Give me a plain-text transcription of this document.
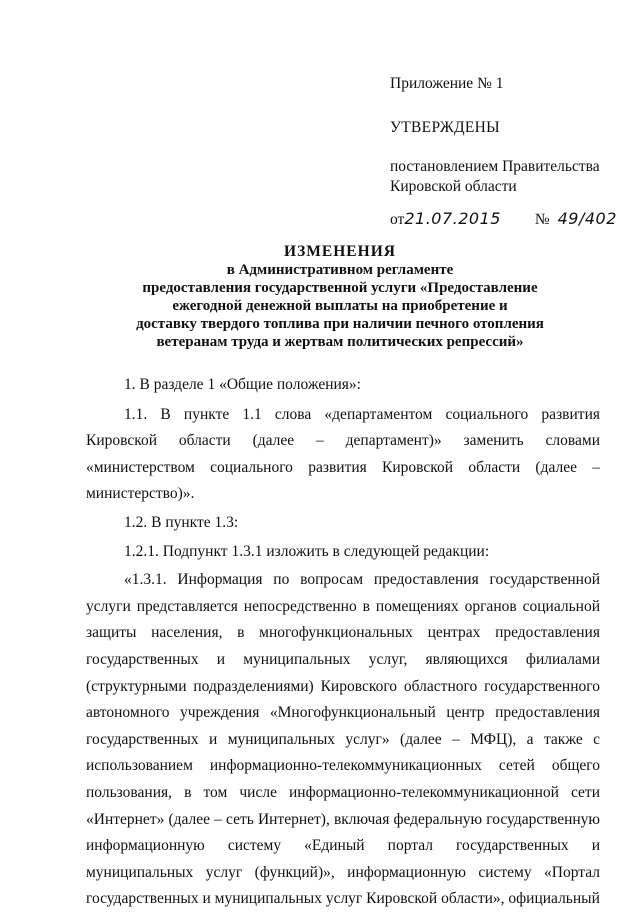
Приложение № 1
УТВЕРЖДЕНЫ
постановлением Правительства
Кировской области
от21.07.2015 № 49/402
ИЗМЕНЕНИЯ
в Административном регламенте
предоставления государственной услуги «Предоставление
ежегодной денежной выплаты на приобретение и
доставку твердого топлива при наличии печного отопления
ветеранам труда и жертвам политических репрессий»

1. В разделе 1 «Общие положения»:

1.1. В пункте 1.1 слова «департаментом социального развития Кировской области (далее – департамент)» заменить словами «министерством социального развития Кировской области (далее – министерство)».

1.2. В пункте 1.3:

1.2.1. Подпункт 1.3.1 изложить в следующей редакции:

«1.3.1. Информация по вопросам предоставления государственной услуги представляется непосредственно в помещениях органов социальной защиты населения, в многофункциональных центрах предоставления государственных и муниципальных услуг, являющихся филиалами (структурными подразделениями) Кировского областного государственного автономного учреждения «Многофункциональный центр предоставления государственных и муниципальных услуг» (далее – МФЦ), а также с использованием информационно-телекоммуникационных сетей общего пользования, в том числе информационно-телекоммуникационной сети «Интернет» (далее – сеть Интернет), включая федеральную государственную информационную систему «Единый портал государственных и муниципальных услуг (функций)», информационную систему «Портал государственных и муниципальных услуг Кировской области», официальный
